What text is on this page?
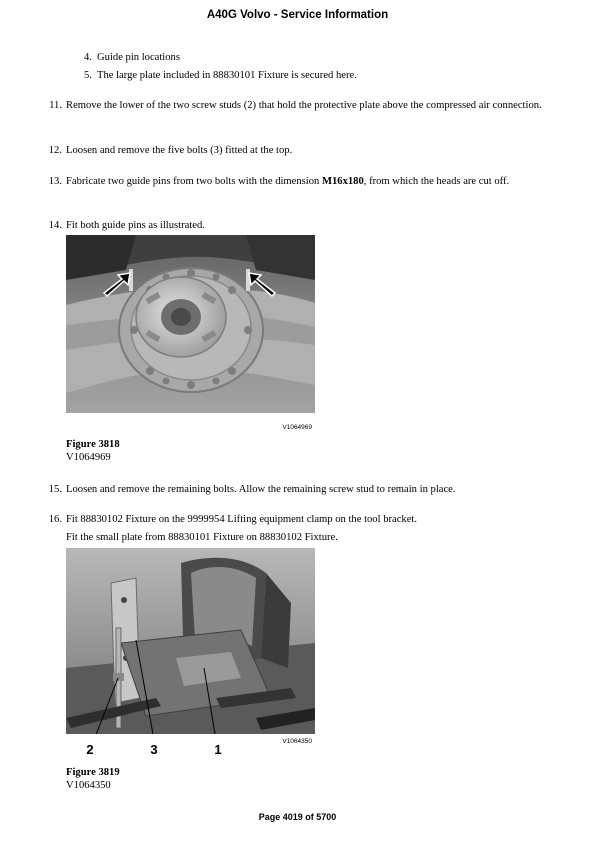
A40G Volvo - Service Information
4. Guide pin locations
5. The large plate included in 88830101 Fixture is secured here.
11. Remove the lower of the two screw studs (2) that hold the protective plate above the compressed air connection.
12. Loosen and remove the five bolts (3) fitted at the top.
13. Fabricate two guide pins from two bolts with the dimension M16x180, from which the heads are cut off.
14. Fit both guide pins as illustrated.
V1064969
Figure 3818
V1064969
15. Loosen and remove the remaining bolts. Allow the remaining screw stud to remain in place.
16. Fit 88830102 Fixture on the 9999954 Lifting equipment clamp on the tool bracket.
Fit the small plate from 88830101 Fixture on 88830102 Fixture.
2	3	1
V1064350
Figure 3819
V1064350
Page 4019 of 5700
